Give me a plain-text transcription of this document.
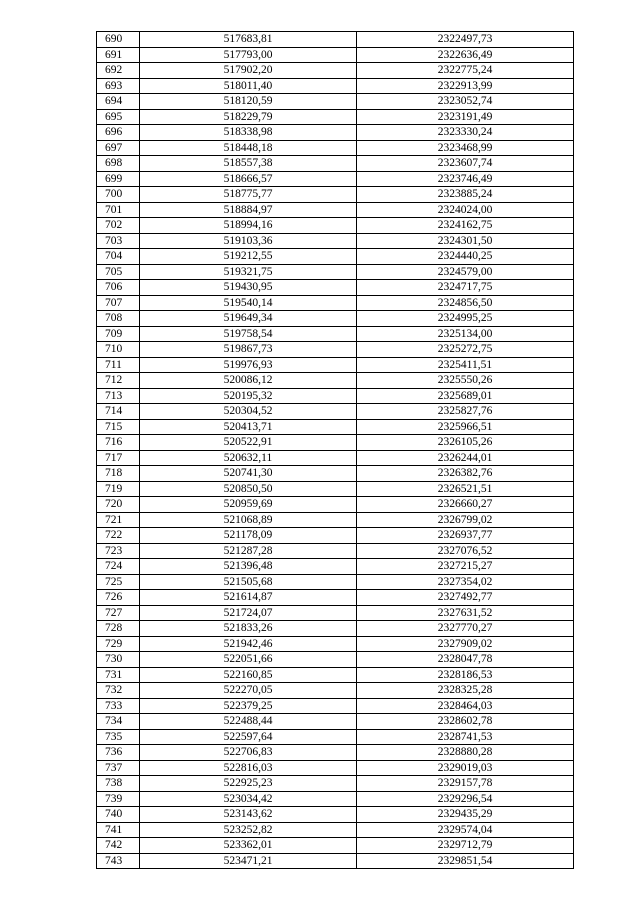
690	517683,81	2322497,73
691	517793,00	2322636,49
692	517902,20	2322775,24
693	518011,40	2322913,99
694	518120,59	2323052,74
695	518229,79	2323191,49
696	518338,98	2323330,24
697	518448,18	2323468,99
698	518557,38	2323607,74
699	518666,57	2323746,49
700	518775,77	2323885,24
701	518884,97	2324024,00
702	518994,16	2324162,75
703	519103,36	2324301,50
704	519212,55	2324440,25
705	519321,75	2324579,00
706	519430,95	2324717,75
707	519540,14	2324856,50
708	519649,34	2324995,25
709	519758,54	2325134,00
710	519867,73	2325272,75
711	519976,93	2325411,51
712	520086,12	2325550,26
713	520195,32	2325689,01
714	520304,52	2325827,76
715	520413,71	2325966,51
716	520522,91	2326105,26
717	520632,11	2326244,01
718	520741,30	2326382,76
719	520850,50	2326521,51
720	520959,69	2326660,27
721	521068,89	2326799,02
722	521178,09	2326937,77
723	521287,28	2327076,52
724	521396,48	2327215,27
725	521505,68	2327354,02
726	521614,87	2327492,77
727	521724,07	2327631,52
728	521833,26	2327770,27
729	521942,46	2327909,02
730	522051,66	2328047,78
731	522160,85	2328186,53
732	522270,05	2328325,28
733	522379,25	2328464,03
734	522488,44	2328602,78
735	522597,64	2328741,53
736	522706,83	2328880,28
737	522816,03	2329019,03
738	522925,23	2329157,78
739	523034,42	2329296,54
740	523143,62	2329435,29
741	523252,82	2329574,04
742	523362,01	2329712,79
743	523471,21	2329851,54
